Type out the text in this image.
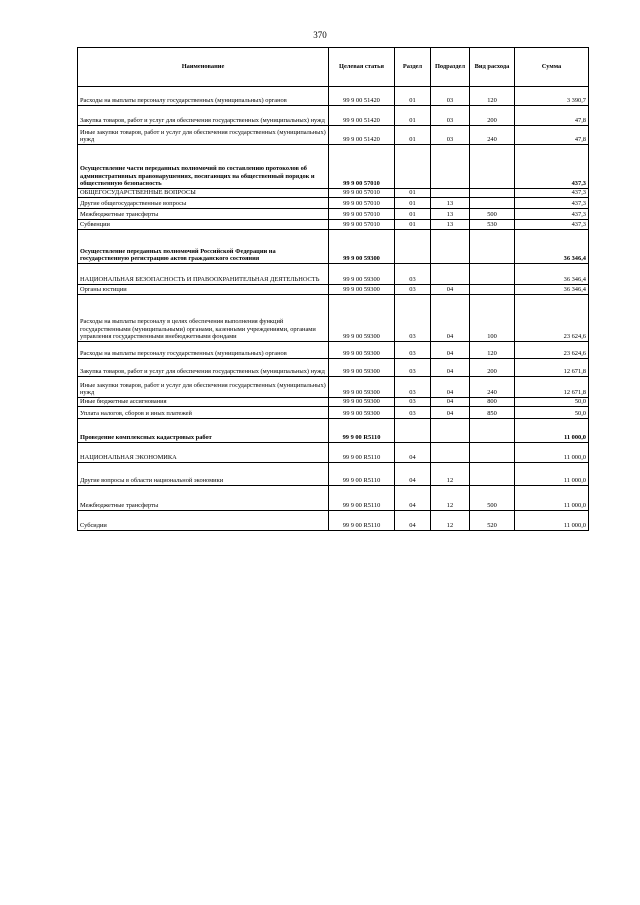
370
Наименование	Целевая статья	Раздел	Подраздел	Вид расхода	Сумма
Расходы на выплаты персоналу государственных (муниципальных) органов	99 9 00 51420	01	03	120	3 390,7
Закупка товаров, работ и услуг для обеспечения государственных (муниципальных) нужд	99 9 00 51420	01	03	200	47,8
Иные закупки товаров, работ и услуг для обеспечения государственных (муниципальных) нужд	99 9 00 51420	01	03	240	47,8
Осуществление части переданных полномочий по составлению протоколов об административных правонарушениях, посягающих на общественный порядок и общественную безопасность	99 9 00 57010				437,3
ОБЩЕГОСУДАРСТВЕННЫЕ ВОПРОСЫ	99 9 00 57010	01			437,3
Другие общегосударственные вопросы	99 9 00 57010	01	13		437,3
Межбюджетные трансферты	99 9 00 57010	01	13	500	437,3
Субвенции	99 9 00 57010	01	13	530	437,3
Осуществление переданных полномочий Российской Федерации на государственную регистрацию актов гражданского состояния	99 9 00 59300				36 346,4
НАЦИОНАЛЬНАЯ БЕЗОПАСНОСТЬ И ПРАВООХРАНИТЕЛЬНАЯ ДЕЯТЕЛЬНОСТЬ	99 9 00 59300	03			36 346,4
Органы юстиции	99 9 00 59300	03	04		36 346,4
Расходы на выплаты персоналу в целях обеспечения выполнения функций государственными (муниципальными) органами, казенными учреждениями, органами управления государственными внебюджетными фондами	99 9 00 59300	03	04	100	23 624,6
Расходы на выплаты персоналу государственных (муниципальных) органов	99 9 00 59300	03	04	120	23 624,6
Закупка товаров, работ и услуг для обеспечения государственных (муниципальных) нужд	99 9 00 59300	03	04	200	12 671,8
Иные закупки товаров, работ и услуг для обеспечения государственных (муниципальных) нужд	99 9 00 59300	03	04	240	12 671,8
Иные бюджетные ассигнования	99 9 00 59300	03	04	800	50,0
Уплата налогов, сборов и иных платежей	99 9 00 59300	03	04	850	50,0
Проведение комплексных кадастровых работ	99 9 00 R5110				11 000,0
НАЦИОНАЛЬНАЯ ЭКОНОМИКА	99 9 00 R5110	04			11 000,0
Другие вопросы в области национальной экономики	99 9 00 R5110	04	12		11 000,0
Межбюджетные трансферты	99 9 00 R5110	04	12	500	11 000,0
Субсидии	99 9 00 R5110	04	12	520	11 000,0
